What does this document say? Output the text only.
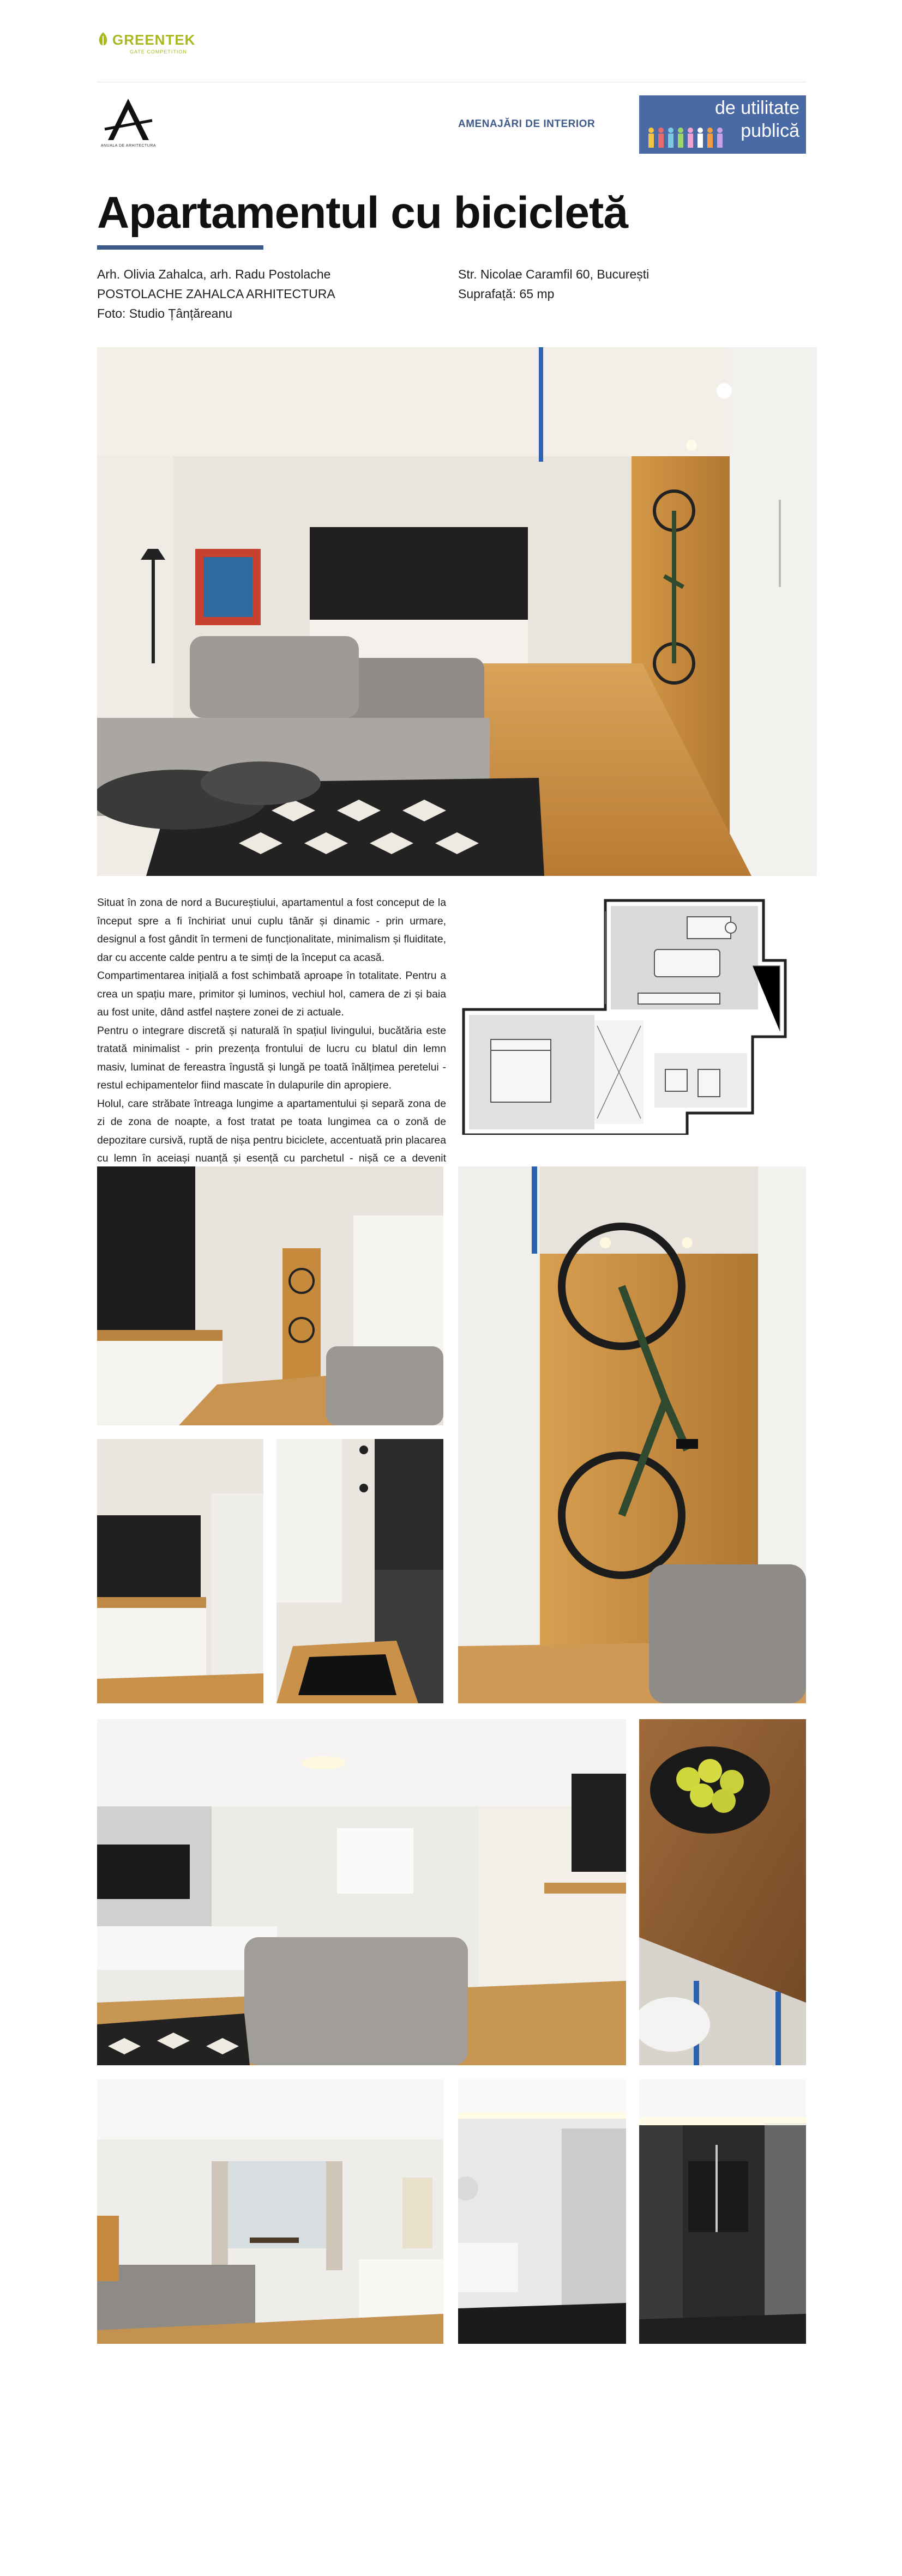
GREENTEK
GATE COMPETITION
ANUALA DE ARHITECTURA
AMENAJĂRI DE INTERIOR
de utilitate
publică
Apartamentul cu bicicletă
Arh. Olivia Zahalca, arh. Radu Postolache
POSTOLACHE ZAHALCA ARHITECTURA
Foto: Studio Țânțăreanu
Str. Nicolae Caramfil 60, București
Suprafață: 65 mp

Situat în zona de nord a Bucureștiului, apartamentul a fost conceput de la început spre a fi închiriat unui cuplu tânăr și dinamic - prin urmare, designul a fost gândit în termeni de funcționalitate, minimalism și fluiditate, dar cu accente calde pentru a te simți de la început ca acasă.

Compartimentarea inițială a fost schimbată aproape în totalitate. Pentru a crea un spațiu mare, primitor și luminos, vechiul hol, camera de zi și baia au fost unite, dând astfel naștere zonei de zi actuale.

Pentru o integrare discretă și naturală în spațiul livingului, bucătăria este tratată minimalist - prin prezența frontului de lucru cu blatul din lemn masiv, luminat de fereastra îngustă și lungă pe toată înălțimea peretelui - restul echipamentelor fiind mascate în dulapurile din apropiere.

Holul, care străbate întreaga lungime a apartamentului și separă zona de zi de zona de noapte, a fost tratat pe toata lungimea ca o zonă de depozitare cursivă, ruptă de nișa pentru biciclete, accentuată prin placarea cu lemn în aceiași nuanță și esență cu parchetul - nișă ce a devenit
